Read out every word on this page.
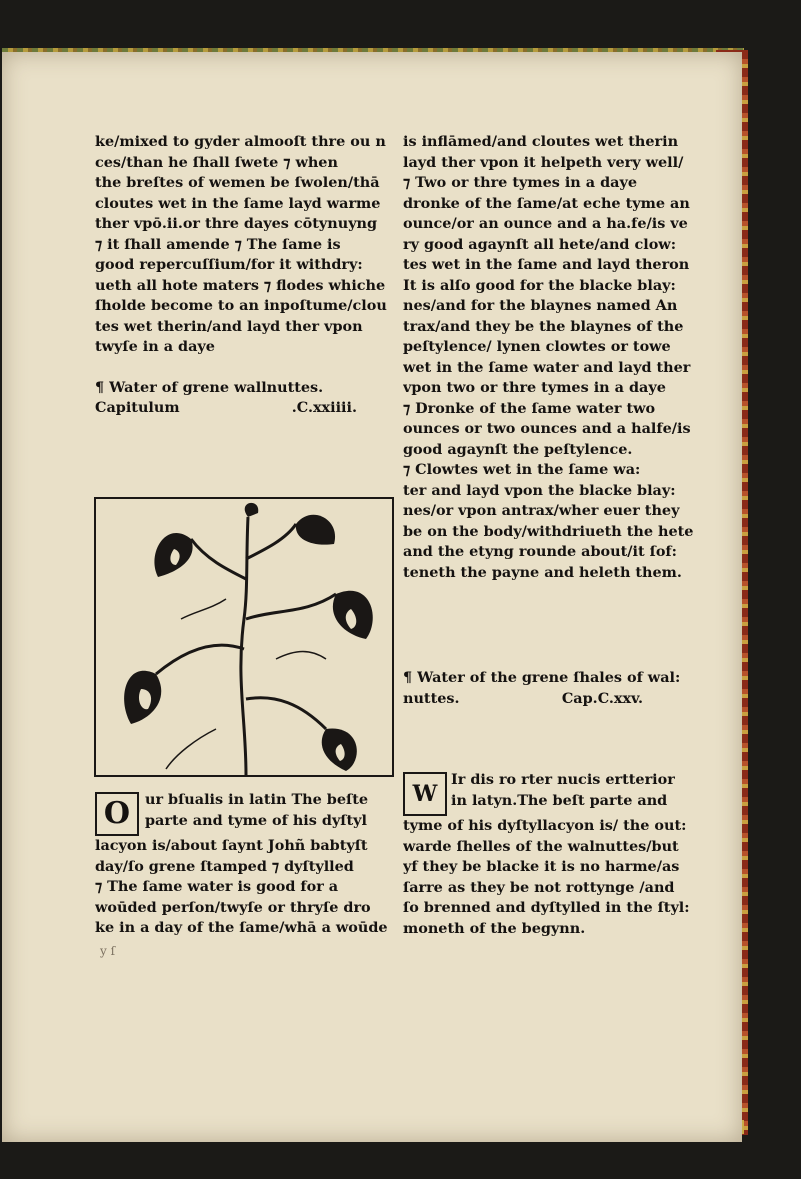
ke/mixed to gyder almooſt thre ou n
ces/than he ſhall ſwete ⁊ when
the breſtes of wemen be ſwolen/thā
cloutes wet in the ſame layd warme
ther vpō.ii.or thre dayes cōtynuyng
⁊ it ſhall amende ⁊ The ſame is
good repercuſſium/for it withdry:
ueth all hote maters ⁊ flodes whiche
ſholde become to an inpoſtume/clou
tes wet therin/and layd ther vpon
twyſe in a daye
¶ Water of grene wallnuttes.
Capitulum	.C.xxiiii.
O	ur bſualis in latin The beſte
parte and tyme of his dyſtyl
lacyon is/about ſaynt Johñ babtyſt
day/ſo grene ſtamped ⁊ dyſtylled
⁊ The ſame water is good for a
woūded perſon/twyſe or thryſe dro
ke in a day of the ſame/whā a woūde
y ſ
is inflāmed/and cloutes wet therin
layd ther vpon it helpeth very well/
⁊ Two or thre tymes in a daye
dronke of the ſame/at eche tyme an
ounce/or an ounce and a ha.fe/is ve
ry good agaynſt all hete/and clow:
tes wet in the ſame and layd theron
It is alſo good for the blacke blay:
nes/and for the blaynes named An
trax/and they be the blaynes of the
peſtylence/ lynen clowtes or towe
wet in the ſame water and layd ther
vpon two or thre tymes in a daye
⁊ Dronke of the ſame water two
ounces or two ounces and a halfe/is
good agaynſt the peſtylence.
⁊ Clowtes wet in the ſame wa:
ter and layd vpon the blacke blay:
nes/or vpon antrax/wher euer they
be on the body/withdriueth the hete
and the etyng rounde about/it ſof:
teneth the payne and heleth them.
¶ Water of the grene ſhales of wal:
nuttes.	Cap.C.xxv.
W
Ir dis ro rter nucis ertterior
in latyn.The beſt parte and
tyme of his dyſtyllacyon is/ the out:
warde ſhelles of the walnuttes/but
yf they be blacke it is no harme/as
ſarre as they be not rottynge /and
ſo brenned and dyſtylled in the ſtyl:
moneth of the begynn.
